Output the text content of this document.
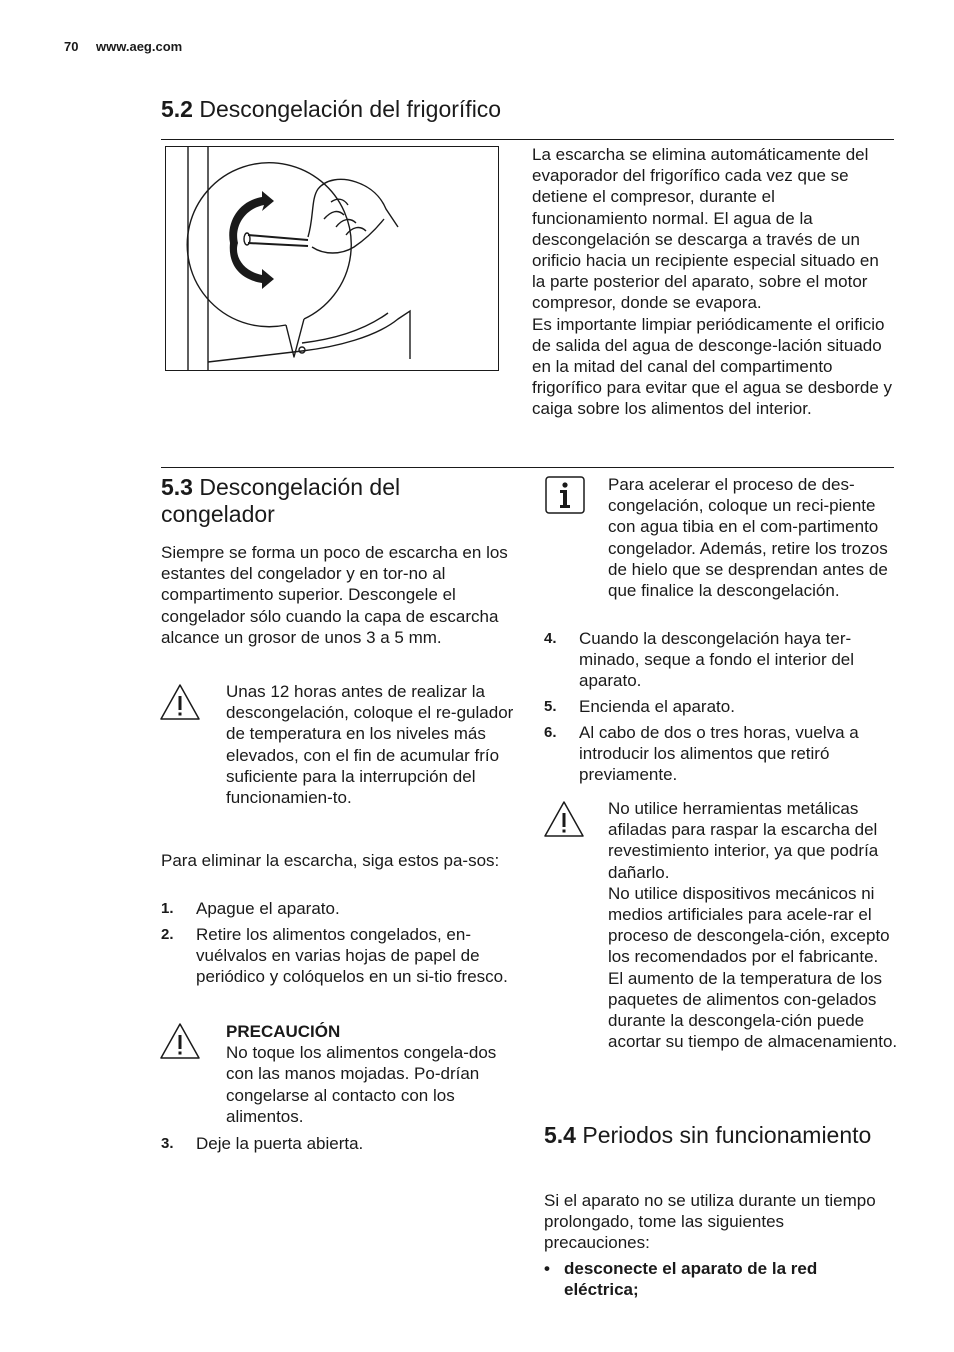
70 www.aeg.com
5.2 Descongelación del frigorífico

La escarcha se elimina automáticamente del evaporador del frigorífico cada vez que se detiene el compresor, durante el funcionamiento normal. El agua de la descongelación se descarga a través de un orificio hacia un recipiente especial situado en la parte posterior del aparato, sobre el motor compresor, donde se evapora.

Es importante limpiar periódicamente el orificio de salida del agua de desconge-lación situado en la mitad del canal del compartimento frigorífico para evitar que el agua se desborde y caiga sobre los alimentos del interior.

5.3 Descongelación del congelador
Siempre se forma un poco de escarcha en los estantes del congelador y en tor-no al compartimento superior. Descongele el congelador sólo cuando la capa de escarcha alcance un grosor de unos 3 a 5 mm.
Unas 12 horas antes de realizar la descongelación, coloque el re-gulador de temperatura en los niveles más elevados, con el fin de acumular frío suficiente para la interrupción del funcionamien-to.
Para eliminar la escarcha, siga estos pa-sos:
1. Apague el aparato.
2. Retire los alimentos congelados, en-vuélvalos en varias hojas de papel de periódico y colóquelos en un si-tio fresco.
PRECAUCIÓN
No toque los alimentos congela-dos con las manos mojadas. Po-drían congelarse al contacto con los alimentos.
3. Deje la puerta abierta.
Para acelerar el proceso de des-congelación, coloque un reci-piente con agua tibia en el com-partimento congelador. Además, retire los trozos de hielo que se desprendan antes de que finalice la descongelación.
4. Cuando la descongelación haya ter-minado, seque a fondo el interior del aparato.
5. Encienda el aparato.
6. Al cabo de dos o tres horas, vuelva a introducir los alimentos que retiró previamente.
No utilice herramientas metálicas afiladas para raspar la escarcha del revestimiento interior, ya que podría dañarlo.
No utilice dispositivos mecánicos ni medios artificiales para acele-rar el proceso de descongela-ción, excepto los recomendados por el fabricante.
El aumento de la temperatura de los paquetes de alimentos con-gelados durante la descongela-ción puede acortar su tiempo de almacenamiento.
5.4 Periodos sin funcionamiento
Si el aparato no se utiliza durante un tiempo prolongado, tome las siguientes precauciones:
• desconecte el aparato de la red eléctrica;
